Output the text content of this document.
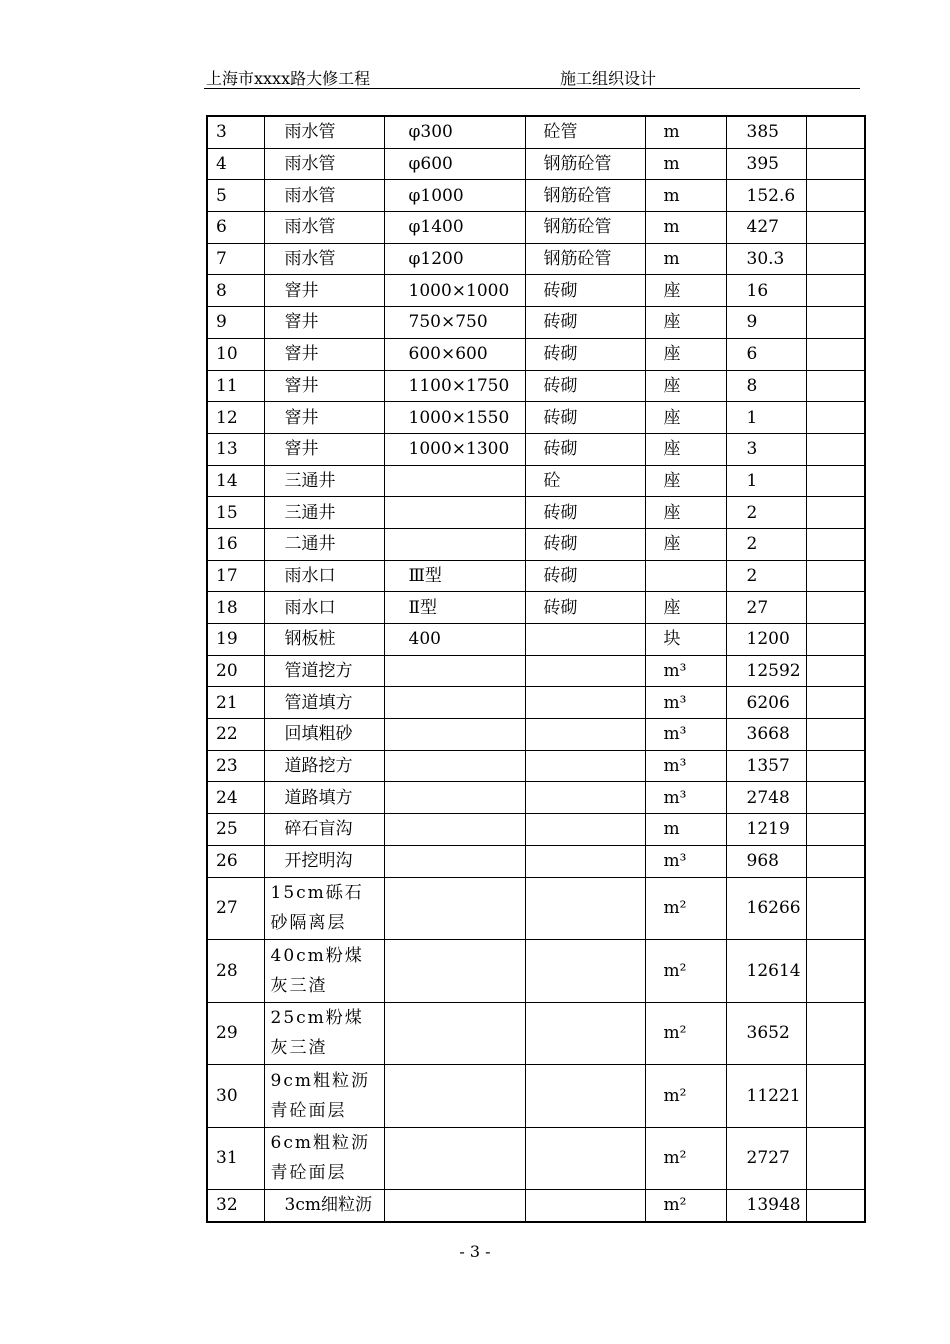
上海市xxxx路大修工程	施工组织设计
3	雨水管	φ300	砼管	m	385	
4	雨水管	φ600	钢筋砼管	m	395	
5	雨水管	φ1000	钢筋砼管	m	152.6	
6	雨水管	φ1400	钢筋砼管	m	427	
7	雨水管	φ1200	钢筋砼管	m	30.3	
8	窨井	1000×1000	砖砌	座	16	
9	窨井	750×750	砖砌	座	9	
10	窨井	600×600	砖砌	座	6	
11	窨井	1100×1750	砖砌	座	8	
12	窨井	1000×1550	砖砌	座	1	
13	窨井	1000×1300	砖砌	座	3	
14	三通井		砼	座	1	
15	三通井		砖砌	座	2	
16	二通井		砖砌	座	2	
17	雨水口	Ⅲ型	砖砌		2	
18	雨水口	Ⅱ型	砖砌	座	27	
19	钢板桩	400		块	1200	
20	管道挖方			m³	12592	
21	管道填方			m³	6206	
22	回填粗砂			m³	3668	
23	道路挖方			m³	1357	
24	道路填方			m³	2748	
25	碎石盲沟			m	1219	
26	开挖明沟			m³	968	
27	15cm砾石砂隔离层			m²	16266	
28	40cm粉煤灰三渣			m²	12614	
29	25cm粉煤灰三渣			m²	3652	
30	9cm粗粒沥青砼面层			m²	11221	
31	6cm粗粒沥青砼面层			m²	2727	
32	3cm细粒沥			m²	13948	
- 3 -
